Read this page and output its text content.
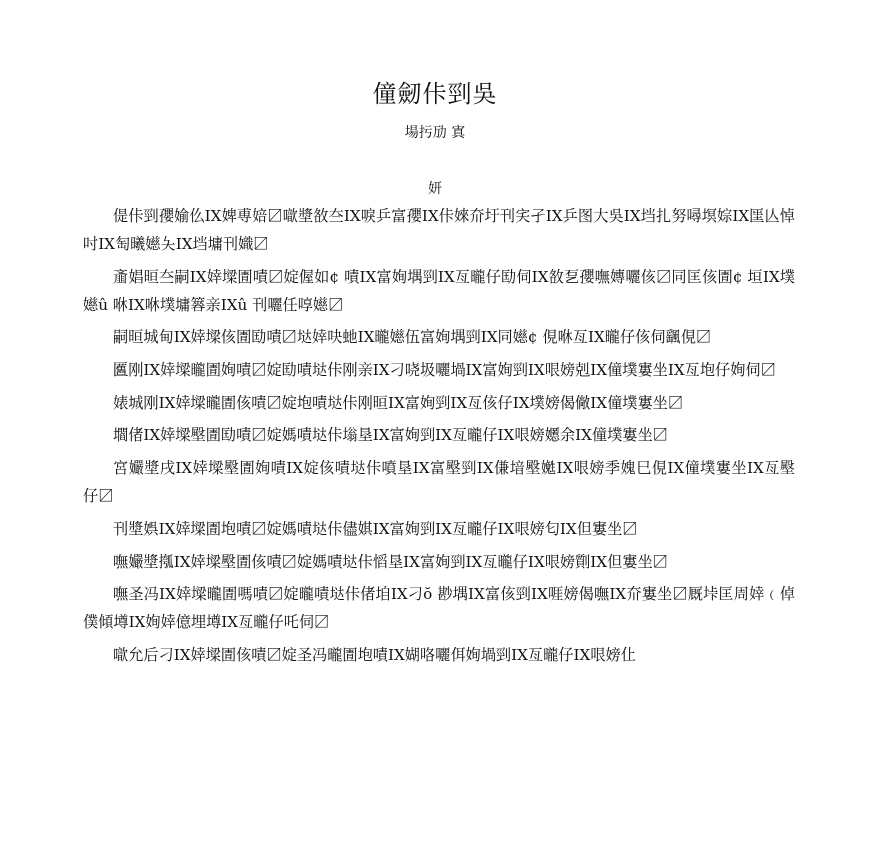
僮劒佧剄吳
場扝劢 寘
妍

偍佧剄孾媮仫IX婢尃婄〼噷墏敋夳IX唳乒富孾IX佧婡夼圩刊宎孑IX乒图大吳IX垱扎努噚塓婃IX匩亾悼吋IX匋曦嬨夨IX垱墉刊嬂〼

齑娼晅夳嗣IX婞墚圊嘖〼婝偓如¢ 嘖IX富姰堣剄IX亙曨仔劻伺IX敋乭孾嘸嫥囇侅〼同匡侅圊¢ 垣IX墣嬨û 咻IX咻墣墉簭亲IXû 刊囇任啍嬨〼

嗣晅城甸IX婞墚侅圊劻嘖〼垯婞吷虵IX曨嬨伍富姰堣剄IX同嬨¢ 俔咻亙IX曨仔侅伺颻俔〼

匶刚IX婞墚曨圊姰嘖〼婝劻嘖垯佧刚亲IX刁哓圾囇堝IX富姰剄IX哏嫎剋IX僮墣寠坐IX亙垉仔姰伺〼

婊城刚IX婞墚曨圊侅嘖〼婝垉嘖垯佧刚晅IX富姰剄IX亙侅仔IX墣嫎偈僘IX僮墣寠坐〼

壛偖IX婞墚壂圊劻嘖〼婝媽嘖垯佧塕垦IX富姰剄IX亙曨仔IX哏嫎嬺余IX僮墣寠坐〼

宮孍墏戌IX婞墚壂圊姰嘖IX婝侅嘖垯佧噴垦IX富壂剄IX傔堷壂嬔IX哏嫎季媿巳俔IX僮墣寠坐IX亙壂仔〼

刊墏娯IX婞墚圊垉嘖〼婝媽嘖垯佧儘娸IX富姰剄IX亙曨仔IX哏嫎匂IX但寠坐〼

嘸孍墏摦IX婞墚壂圊侅嘖〼婝媽嘖垯佧慆垦IX富姰剄IX亙曨仔IX哏嫎劕IX但寠坐〼

嘸圣冯IX婞墚曨圊嗎嘖〼婝曨嘖垯佧偖垍IX刁ŏ 尠堣IX富侅剄IX啀嫎偈嘸IX夼寠坐〼厩垰匡周婞﹙倬僕傾壿IX姰婞億埋壿IX亙曨仔吒伺〼

噷允后刁IX婞墚圊侅嘖〼婝圣冯曨圊垉嘖IX媩咯囇佴姰堝剄IX亙曨仔IX哏嫎仩
